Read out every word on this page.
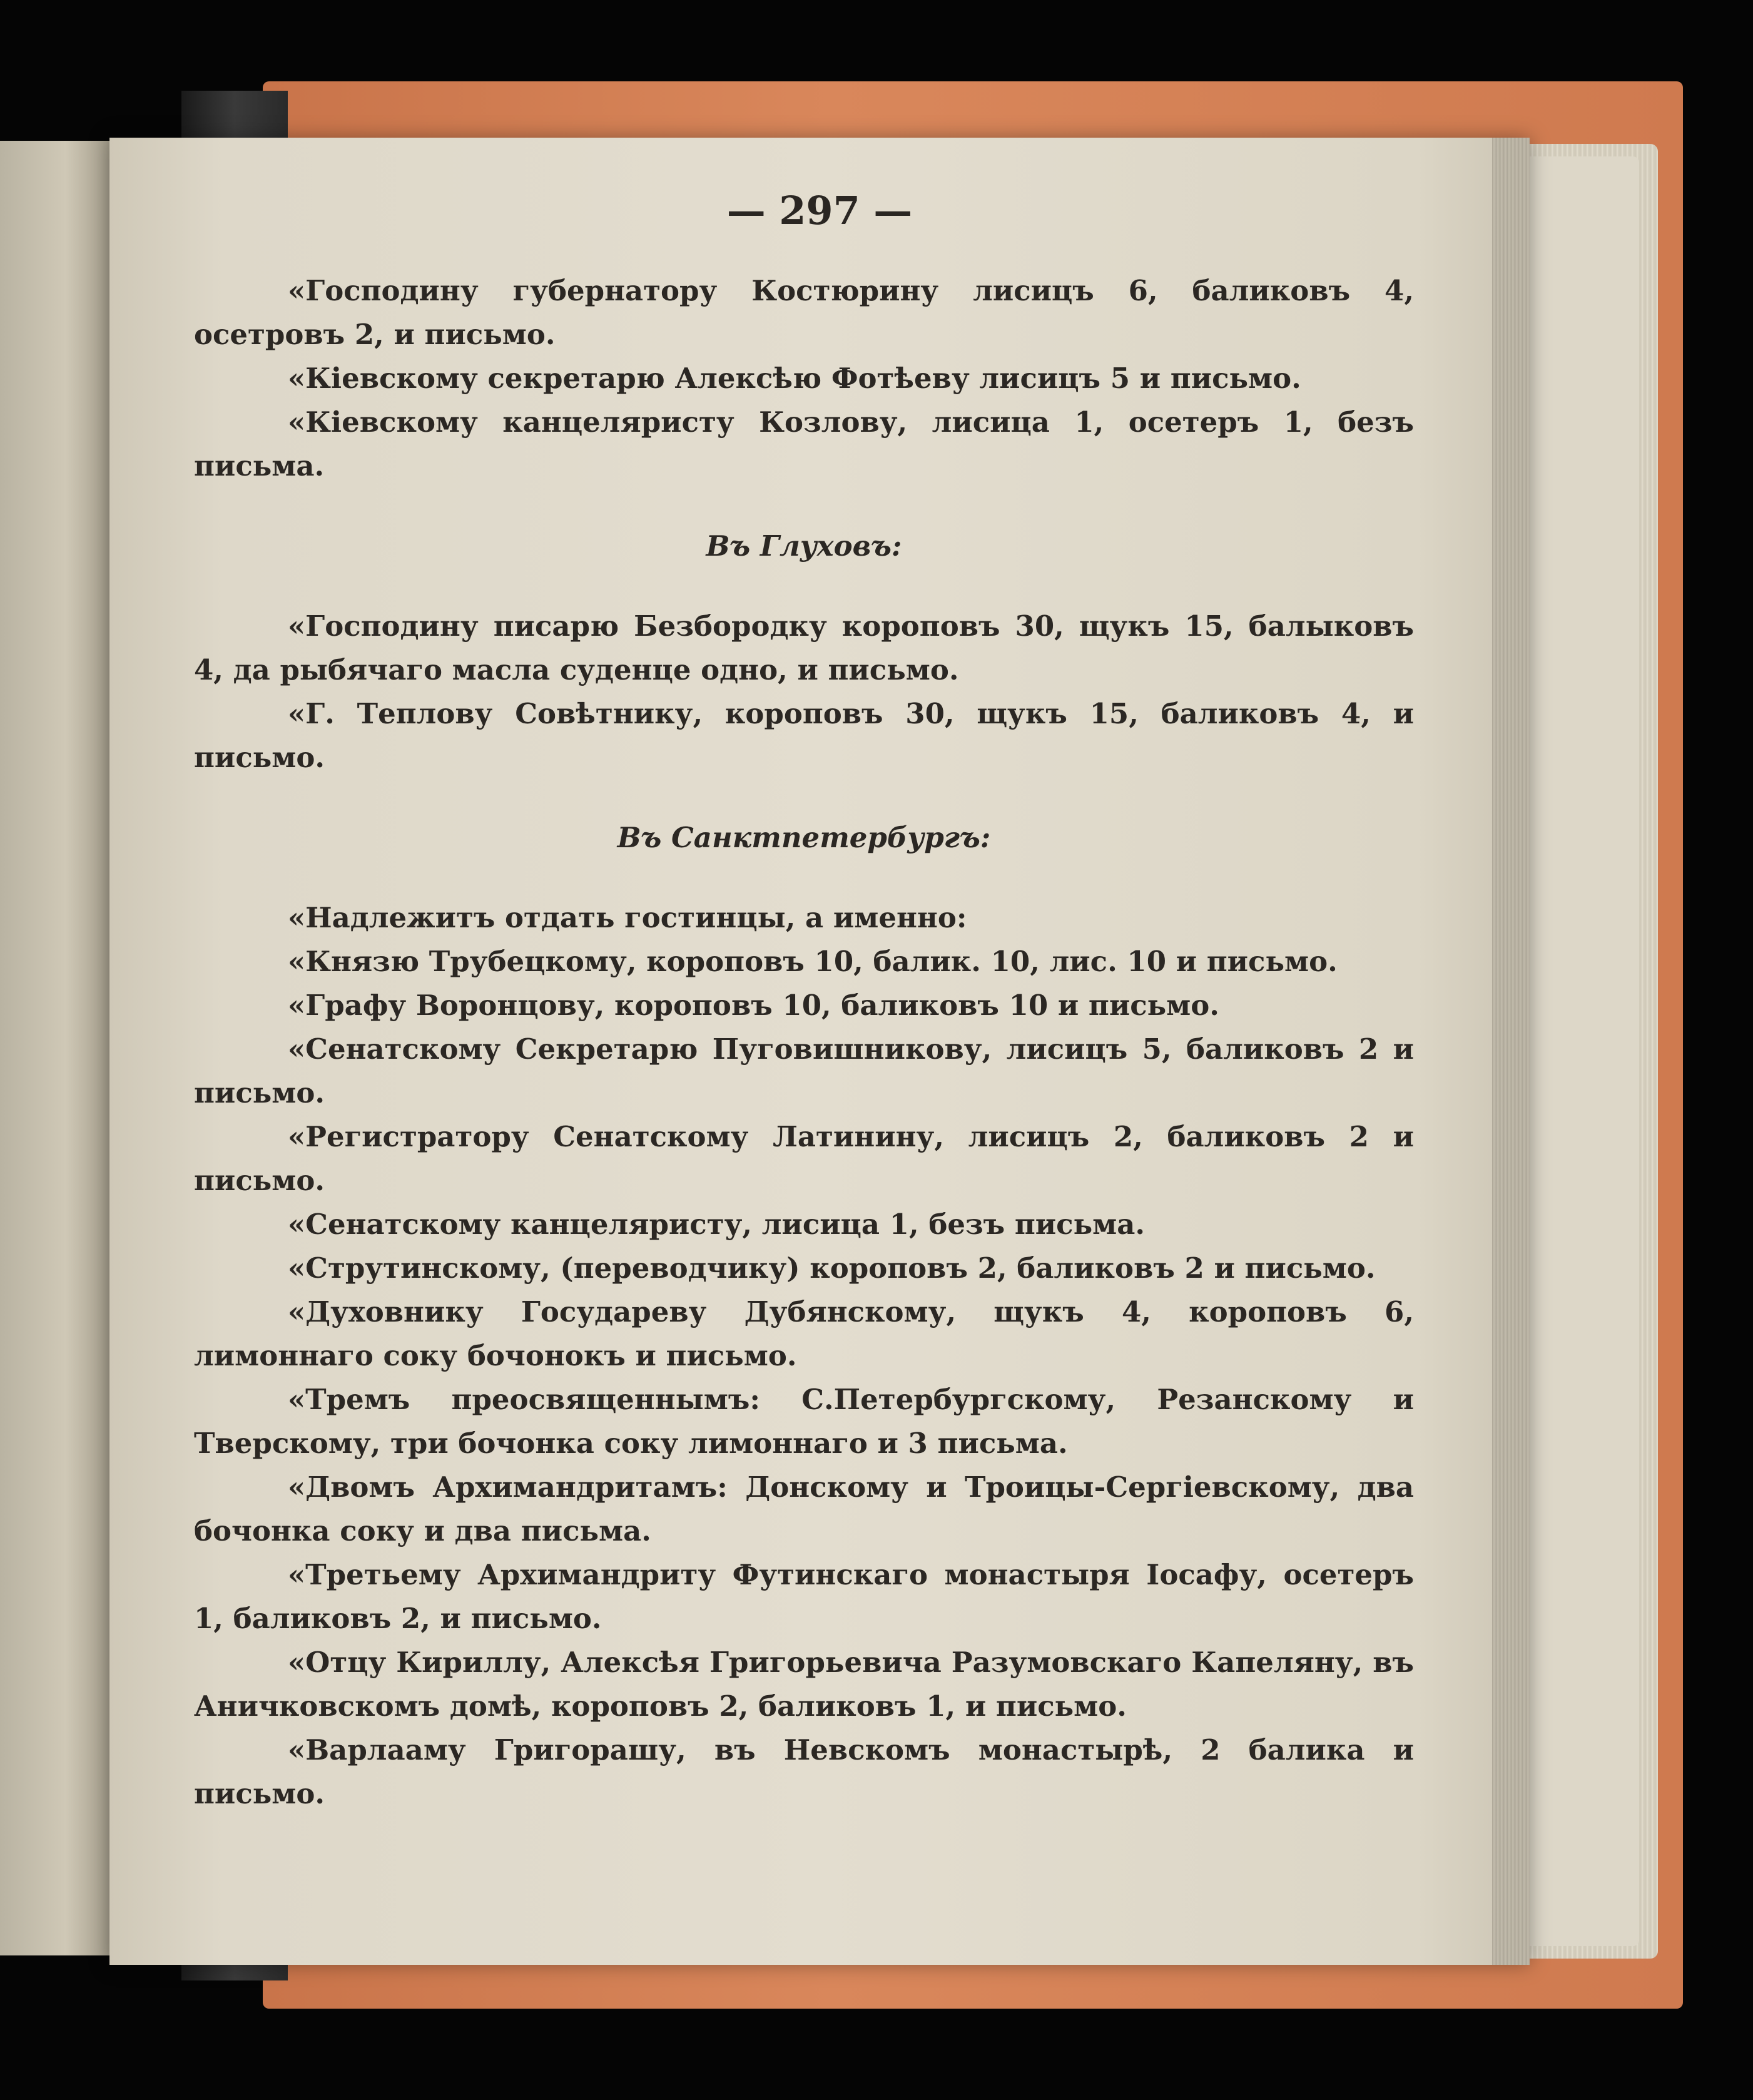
— 297 —

«Господину губернатору Костюрину лисицъ 6, баликовъ 4, осетровъ 2, и письмо.

«Кіевскому секретарю Алексѣю Фотѣеву лисицъ 5 и письмо.

«Кіевскому канцеляристу Козлову, лисица 1, осетеръ 1, безъ письма.

Въ Глуховъ:

«Господину писарю Безбородку короповъ 30, щукъ 15, балыковъ 4, да рыбячаго масла суденце одно, и письмо.

«Г. Теплову Совѣтнику, короповъ 30, щукъ 15, баликовъ 4, и письмо.

Въ Санктпетербургъ:

«Надлежитъ отдать гостинцы, а именно:

«Князю Трубецкому, короповъ 10, балик. 10, лис. 10 и письмо.

«Графу Воронцову, короповъ 10, баликовъ 10 и письмо.

«Сенатскому Секретарю Пуговишникову, лисицъ 5, баликовъ 2 и письмо.

«Регистратору Сенатскому Латинину, лисицъ 2, баликовъ 2 и письмо.

«Сенатскому канцеляристу, лисица 1, безъ письма.

«Струтинскому, (переводчику) короповъ 2, баликовъ 2 и письмо.

«Духовнику Государеву Дубянскому, щукъ 4, короповъ 6, лимоннаго соку бочонокъ и письмо.

«Тремъ преосвященнымъ: С.Петербургскому, Резанскому и Тверскому, три бочонка соку лимоннаго и 3 письма.

«Двомъ Архимандритамъ: Донскому и Троицы-Сергіевскому, два бочонка соку и два письма.

«Третьему Архимандриту Футинскаго монастыря Іосафу, осетеръ 1, баликовъ 2, и письмо.

«Отцу Кириллу, Алексѣя Григорьевича Разумовскаго Капеляну, въ Аничковскомъ домѣ, короповъ 2, баликовъ 1, и письмо.

«Варлааму Григорашу, въ Невскомъ монастырѣ, 2 балика и письмо.
